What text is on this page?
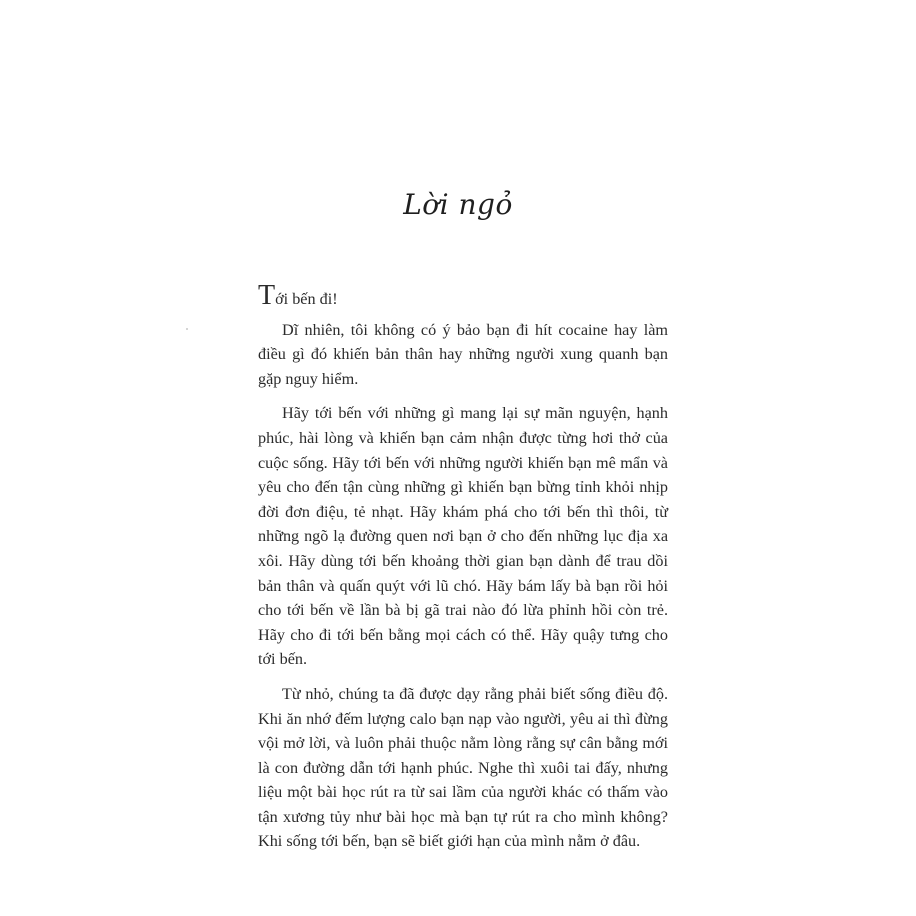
Lời ngỏ

Tới bến đi!

Dĩ nhiên, tôi không có ý bảo bạn đi hít cocaine hay làm điều gì đó khiến bản thân hay những người xung quanh bạn gặp nguy hiểm.

Hãy tới bến với những gì mang lại sự mãn nguyện, hạnh phúc, hài lòng và khiến bạn cảm nhận được từng hơi thở của cuộc sống. Hãy tới bến với những người khiến bạn mê mẩn và yêu cho đến tận cùng những gì khiến bạn bừng tỉnh khỏi nhịp đời đơn điệu, tẻ nhạt. Hãy khám phá cho tới bến thì thôi, từ những ngõ lạ đường quen nơi bạn ở cho đến những lục địa xa xôi. Hãy dùng tới bến khoảng thời gian bạn dành để trau dồi bản thân và quấn quýt với lũ chó. Hãy bám lấy bà bạn rồi hỏi cho tới bến về lần bà bị gã trai nào đó lừa phỉnh hồi còn trẻ. Hãy cho đi tới bến bằng mọi cách có thể. Hãy quậy tưng cho tới bến.

Từ nhỏ, chúng ta đã được dạy rằng phải biết sống điều độ. Khi ăn nhớ đếm lượng calo bạn nạp vào người, yêu ai thì đừng vội mở lời, và luôn phải thuộc nằm lòng rằng sự cân bằng mới là con đường dẫn tới hạnh phúc. Nghe thì xuôi tai đấy, nhưng liệu một bài học rút ra từ sai lầm của người khác có thấm vào tận xương tủy như bài học mà bạn tự rút ra cho mình không? Khi sống tới bến, bạn sẽ biết giới hạn của mình nằm ở đâu.
